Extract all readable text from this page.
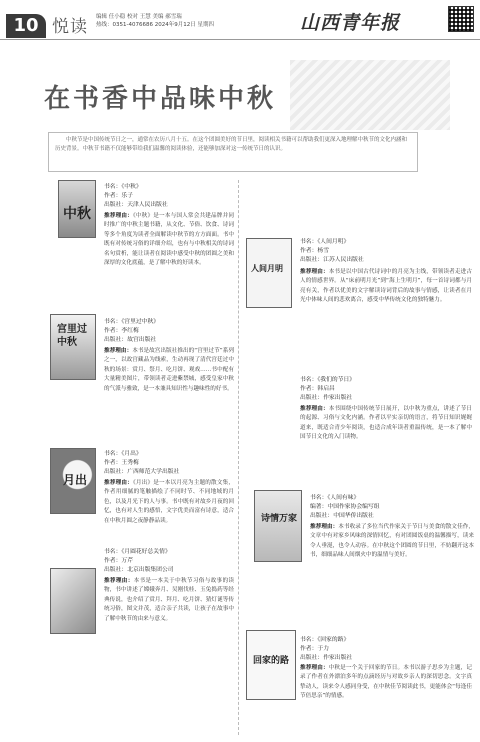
10 悦读 编辑 任小稳 校对 王慧 美编 郝雪瑞
热线：0351-4076686 2024年9月12日 星期四	山西青年报
在书香中品味中秋
中秋节是中国传统节日之一，通常在农历八月十五。在这个团圆美好的节日里，阅读相关书籍可以帮助我们更深入地理解中秋节的文化内涵和历史背景。中秋节书籍不仅能够带给我们温馨的阅读体验，还能够加深对这一传统节日的认识。
中秋
书名：《中秋》
作者：乐子
出版社：天津人民出版社
推荐理由：《中秋》是一本与国人常会共建品牌并同时推广的中秋主题书籍，从文化、节俗、饮食、诗词等多个角度为读者全面解读中秋节的方方面面。书中既有对传统习俗的详细介绍，也有与中秋相关的诗词名句赏析，能让读者在阅读中感受中秋的团圆之美和深厚的文化底蕴，是了解中秋的好读本。
宫里过中秋
书名：《宫里过中秋》
作者：李红梅
出版社：故宫出版社
推荐理由：本书是故宫出版社推出的“宫里过节”系列之一，以故宫藏品为线索，生动再现了清代宫廷过中秋的场景：赏月、祭月、吃月饼、观戏……书中配有大量精美图片，带领读者走进紫禁城，感受皇家中秋的气派与雅致，是一本兼具知识性与趣味性的好书。
月出
书名：《月出》
作者：王秀梅
出版社：广西师范大学出版社
推荐理由：《月出》是一本以月亮为主题的散文集，作者用细腻的笔触描绘了不同时节、不同地域的月色，以及月光下的人与事。书中既有对故乡月夜的回忆，也有对人生的感悟，文字优美而富有诗意，适合在中秋月圆之夜静静品读。
书名：《月圆花好总关情》
作者：万芹
出版社：北京出版集团公司
推荐理由：本书是一本关于中秋节习俗与故事的读物，书中讲述了嫦娥奔月、吴刚伐桂、玉兔捣药等经典传说，也介绍了赏月、拜月、吃月饼、猜灯谜等传统习俗，图文并茂，适合亲子共读，让孩子在故事中了解中秋节的由来与意义。
人间月明
书名：《人间月明》
作者：杨雪
出版社：江苏人民出版社
推荐理由：本书是以中国古代诗词中的月亮为主线，带领读者走进古人的情感世界。从“床前明月光”到“海上生明月”，每一首诗词都与月亮有关，作者以优美的文字解读诗词背后的故事与情感，让读者在月光中体味人间的悲欢离合，感受中华传统文化的独特魅力。
书名：《我们的节日》
作者：韩启昌
出版社：作家出版社
推荐理由：本书围绕中国传统节日展开，以中秋为重点，讲述了节日的起源、习俗与文化内涵。作者以平实亲切的语言，将节日知识娓娓道来，既适合青少年阅读，也适合成年读者重温传统，是一本了解中国节日文化的入门读物。
诗情万家
书名：《人间有味》
编著：中国作家协会编写组
出版社：中国华侨出版社
推荐理由：本书收录了多位当代作家关于节日与美食的散文佳作，文章中有对家乡风味的深情回忆，有对团圆饭桌的温馨描写，读来令人垂涎，也令人动容。在中秋这个团圆的节日里，不妨翻开这本书，细细品味人间烟火中的温情与美好。
回家的路
书名：《回家的路》
作者：于力
出版社：作家出版社
推荐理由：中秋是一个关于回家的节日。本书以游子思乡为主题，记录了作者在外漂泊多年的点滴经历与对故乡亲人的深切思念。文字真挚动人，读来令人感同身受，在中秋佳节阅读此书，更能体会“每逢佳节倍思亲”的情感。
